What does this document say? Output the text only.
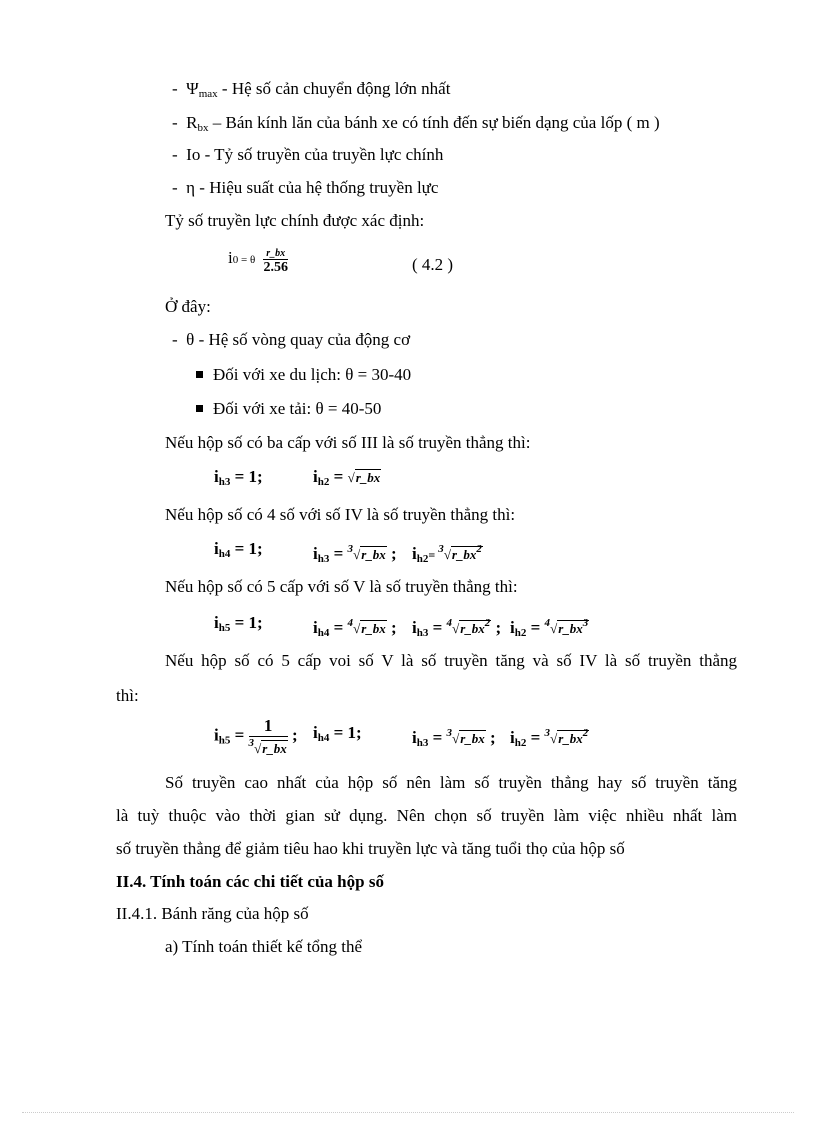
-  $\Psi_{max}$ - Hệ số cản chuyển động lớn nhất
-  $R_{bx}$ – Bán kính lăn của bánh xe có tính đến sự biến dạng của lốp ( m )
-  Io - Tỷ số truyền của truyền lực chính
-  η - Hiệu suất của hệ thống truyền lực
Tỷ số truyền lực chính được xác định:
i0 = θ $\frac{r\_bx}{2.56}$	( 4.2 )
Ở đây:
-  θ - Hệ số vòng quay của động cơ
Đối với xe du lịch: θ = 30-40
Đối với xe tải: θ = 40-50
Nếu hộp số có ba cấp với số III là số truyền thẳng thì:
$i_{h3} = 1$;	$i_{h2}$ = √r_bx
Nếu hộp số có 4 số với số IV là số truyền thẳng thì:
$i_{h4} = 1$;	$i_{h3}$ = $^3$√r_bx ; $i_{h2}=$ $^3√r\_bx^2$
Nếu hộp số có 5 cấp với số V là số truyền thẳng thì:
$i_{h5} = 1$;	$i_{h4}$ = $^4$√r_bx ; $i_{h3}$ = $^4√r\_bx^2$ ; $i_{h2}$ = $^4√r\_bx^3$
Nếu hộp số có 5 cấp voi số V là số truyền tăng và số IV là số truyền thẳng
thì:
$i_{h5} = \frac{1}{^3√r\_bx}$ ; $i_{h4} = 1$;	$i_{h3}$ = $^3$√r_bx ; $i_{h2}$ = $^3√r\_bx^2$
Số truyền cao nhất của hộp số nên làm số truyền thẳng hay số truyền tăng
là tuỳ thuộc vào thời gian sử dụng. Nên chọn số truyền làm việc nhiều nhất làm
số truyền thẳng để giảm tiêu hao khi truyền lực và tăng tuổi thọ của hộp số
II.4. Tính toán các chi tiết của hộp số
II.4.1. Bánh răng của hộp số
a) Tính toán thiết kế tổng thể
